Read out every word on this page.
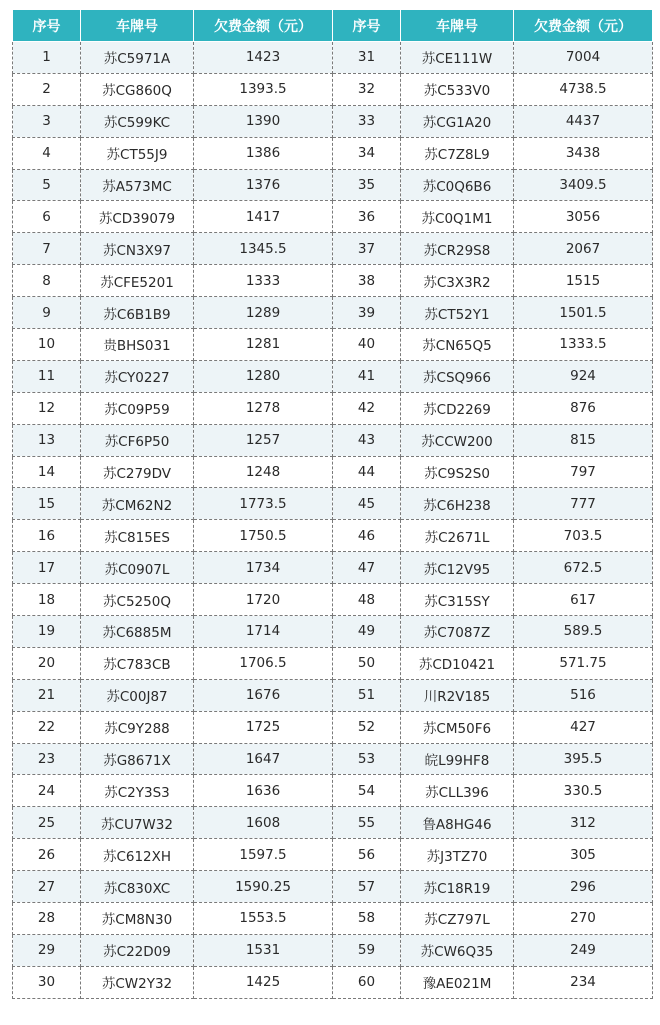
序号	车牌号	欠费金额（元）	序号	车牌号	欠费金额（元）
1	苏C5971A	1423	31	苏CE111W	7004
2	苏CG860Q	1393.5	32	苏C533V0	4738.5
3	苏C599KC	1390	33	苏CG1A20	4437
4	苏CT55J9	1386	34	苏C7Z8L9	3438
5	苏A573MC	1376	35	苏C0Q6B6	3409.5
6	苏CD39079	1417	36	苏C0Q1M1	3056
7	苏CN3X97	1345.5	37	苏CR29S8	2067
8	苏CFE5201	1333	38	苏C3X3R2	1515
9	苏C6B1B9	1289	39	苏CT52Y1	1501.5
10	贵BHS031	1281	40	苏CN65Q5	1333.5
11	苏CY0227	1280	41	苏CSQ966	924
12	苏C09P59	1278	42	苏CD2269	876
13	苏CF6P50	1257	43	苏CCW200	815
14	苏C279DV	1248	44	苏C9S2S0	797
15	苏CM62N2	1773.5	45	苏C6H238	777
16	苏C815ES	1750.5	46	苏C2671L	703.5
17	苏C0907L	1734	47	苏C12V95	672.5
18	苏C5250Q	1720	48	苏C315SY	617
19	苏C6885M	1714	49	苏C7087Z	589.5
20	苏C783CB	1706.5	50	苏CD10421	571.75
21	苏C00J87	1676	51	川R2V185	516
22	苏C9Y288	1725	52	苏CM50F6	427
23	苏G8671X	1647	53	皖L99HF8	395.5
24	苏C2Y3S3	1636	54	苏CLL396	330.5
25	苏CU7W32	1608	55	鲁A8HG46	312
26	苏C612XH	1597.5	56	苏J3TZ70	305
27	苏C830XC	1590.25	57	苏C18R19	296
28	苏CM8N30	1553.5	58	苏CZ797L	270
29	苏C22D09	1531	59	苏CW6Q35	249
30	苏CW2Y32	1425	60	豫AE021M	234
